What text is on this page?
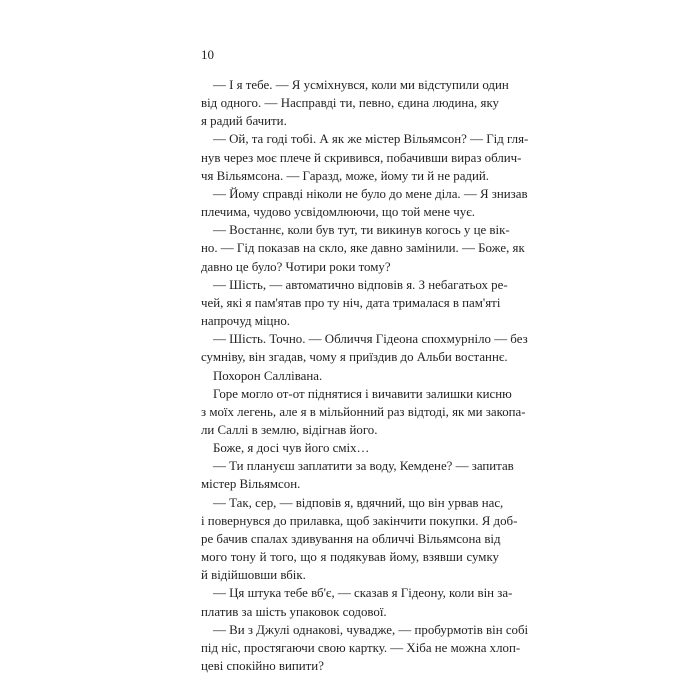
10
— І я тебе. — Я усміхнувся, коли ми відступили один
від одного. — Насправді ти, певно, єдина людина, яку
я радий бачити.
— Ой, та годі тобі. А як же містер Вільямсон? — Гід гля-
нув через моє плече й скривився, побачивши вираз облич-
чя Вільямсона. — Гаразд, може, йому ти й не радий.
— Йому справді ніколи не було до мене діла. — Я знизав
плечима, чудово усвідомлюючи, що той мене чує.
— Востаннє, коли був тут, ти викинув когось у це вік-
но. — Гід показав на скло, яке давно замінили. — Боже, як
давно це було? Чотири роки тому?
— Шість, — автоматично відповів я. З небагатьох ре-
чей, які я пам'ятав про ту ніч, дата трималася в пам'яті
напрочуд міцно.
— Шість. Точно. — Обличчя Гідеона спохмурніло — без
сумніву, він згадав, чому я приїздив до Альби востаннє.
Похорон Саллівана.
Горе могло от-от піднятися і вичавити залишки кисню
з моїх легень, але я в мільйонний раз відтоді, як ми закопа-
ли Саллі в землю, відігнав його.
Боже, я досі чув його сміх…
— Ти плануєш заплатити за воду, Кемдене? — запитав
містер Вільямсон.
— Так, сер, — відповів я, вдячний, що він урвав нас,
і повернувся до прилавка, щоб закінчити покупки. Я доб-
ре бачив спалах здивування на обличчі Вільямсона від
мого тону й того, що я подякував йому, взявши сумку
й відійшовши вбік.
— Ця штука тебе вб'є, — сказав я Гідеону, коли він за-
платив за шість упаковок содової.
— Ви з Джулі однакові, чувадже, — пробурмотів він собі
під ніс, простягаючи свою картку. — Хіба не можна хлоп-
цеві спокійно випити?
